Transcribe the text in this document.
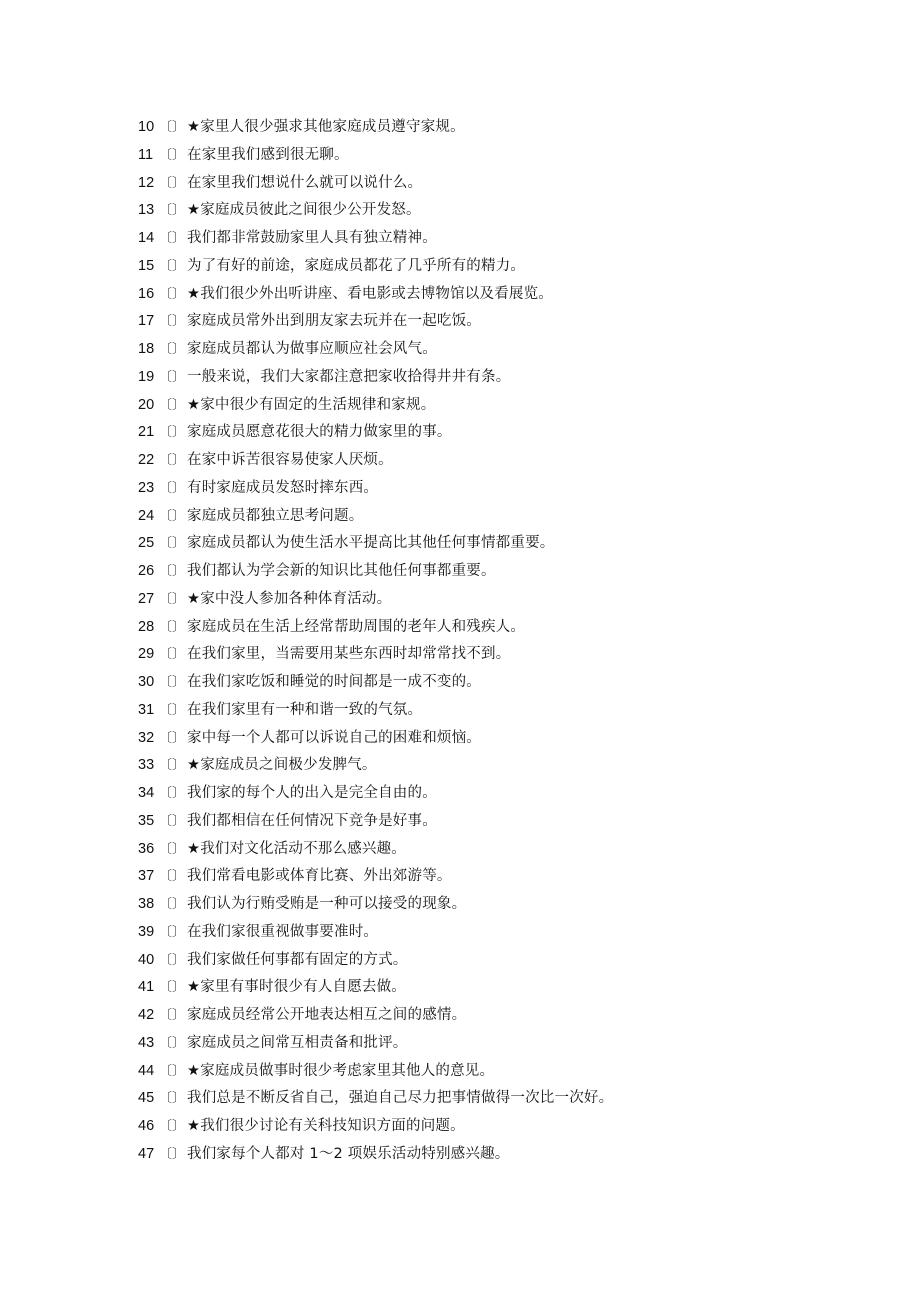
10 〔〕 ★家里人很少强求其他家庭成员遵守家规。
11 〔〕 在家里我们感到很无聊。
12 〔〕 在家里我们想说什么就可以说什么。
13 〔〕 ★家庭成员彼此之间很少公开发怒。
14 〔〕 我们都非常鼓励家里人具有独立精神。
15 〔〕 为了有好的前途，家庭成员都花了几乎所有的精力。
16 〔〕 ★我们很少外出听讲座、看电影或去博物馆以及看展览。
17 〔〕 家庭成员常外出到朋友家去玩并在一起吃饭。
18 〔〕 家庭成员都认为做事应顺应社会风气。
19 〔〕 一般来说，我们大家都注意把家收拾得井井有条。
20 〔〕 ★家中很少有固定的生活规律和家规。
21 〔〕 家庭成员愿意花很大的精力做家里的事。
22 〔〕 在家中诉苦很容易使家人厌烦。
23 〔〕 有时家庭成员发怒时摔东西。
24 〔〕 家庭成员都独立思考问题。
25 〔〕 家庭成员都认为使生活水平提高比其他任何事情都重要。
26 〔〕 我们都认为学会新的知识比其他任何事都重要。
27 〔〕 ★家中没人参加各种体育活动。
28 〔〕 家庭成员在生活上经常帮助周围的老年人和残疾人。
29 〔〕 在我们家里，当需要用某些东西时却常常找不到。
30 〔〕 在我们家吃饭和睡觉的时间都是一成不变的。
31 〔〕 在我们家里有一种和谐一致的气氛。
32 〔〕 家中每一个人都可以诉说自己的困难和烦恼。
33 〔〕 ★家庭成员之间极少发脾气。
34 〔〕 我们家的每个人的出入是完全自由的。
35 〔〕 我们都相信在任何情况下竞争是好事。
36 〔〕 ★我们对文化活动不那么感兴趣。
37 〔〕 我们常看电影或体育比赛、外出郊游等。
38 〔〕 我们认为行贿受贿是一种可以接受的现象。
39 〔〕 在我们家很重视做事要准时。
40 〔〕 我们家做任何事都有固定的方式。
41 〔〕 ★家里有事时很少有人自愿去做。
42 〔〕 家庭成员经常公开地表达相互之间的感情。
43 〔〕 家庭成员之间常互相责备和批评。
44 〔〕 ★家庭成员做事时很少考虑家里其他人的意见。
45 〔〕 我们总是不断反省自己，强迫自己尽力把事情做得一次比一次好。
46 〔〕 ★我们很少讨论有关科技知识方面的问题。
47 〔〕 我们家每个人都对 1～2 项娱乐活动特别感兴趣。
